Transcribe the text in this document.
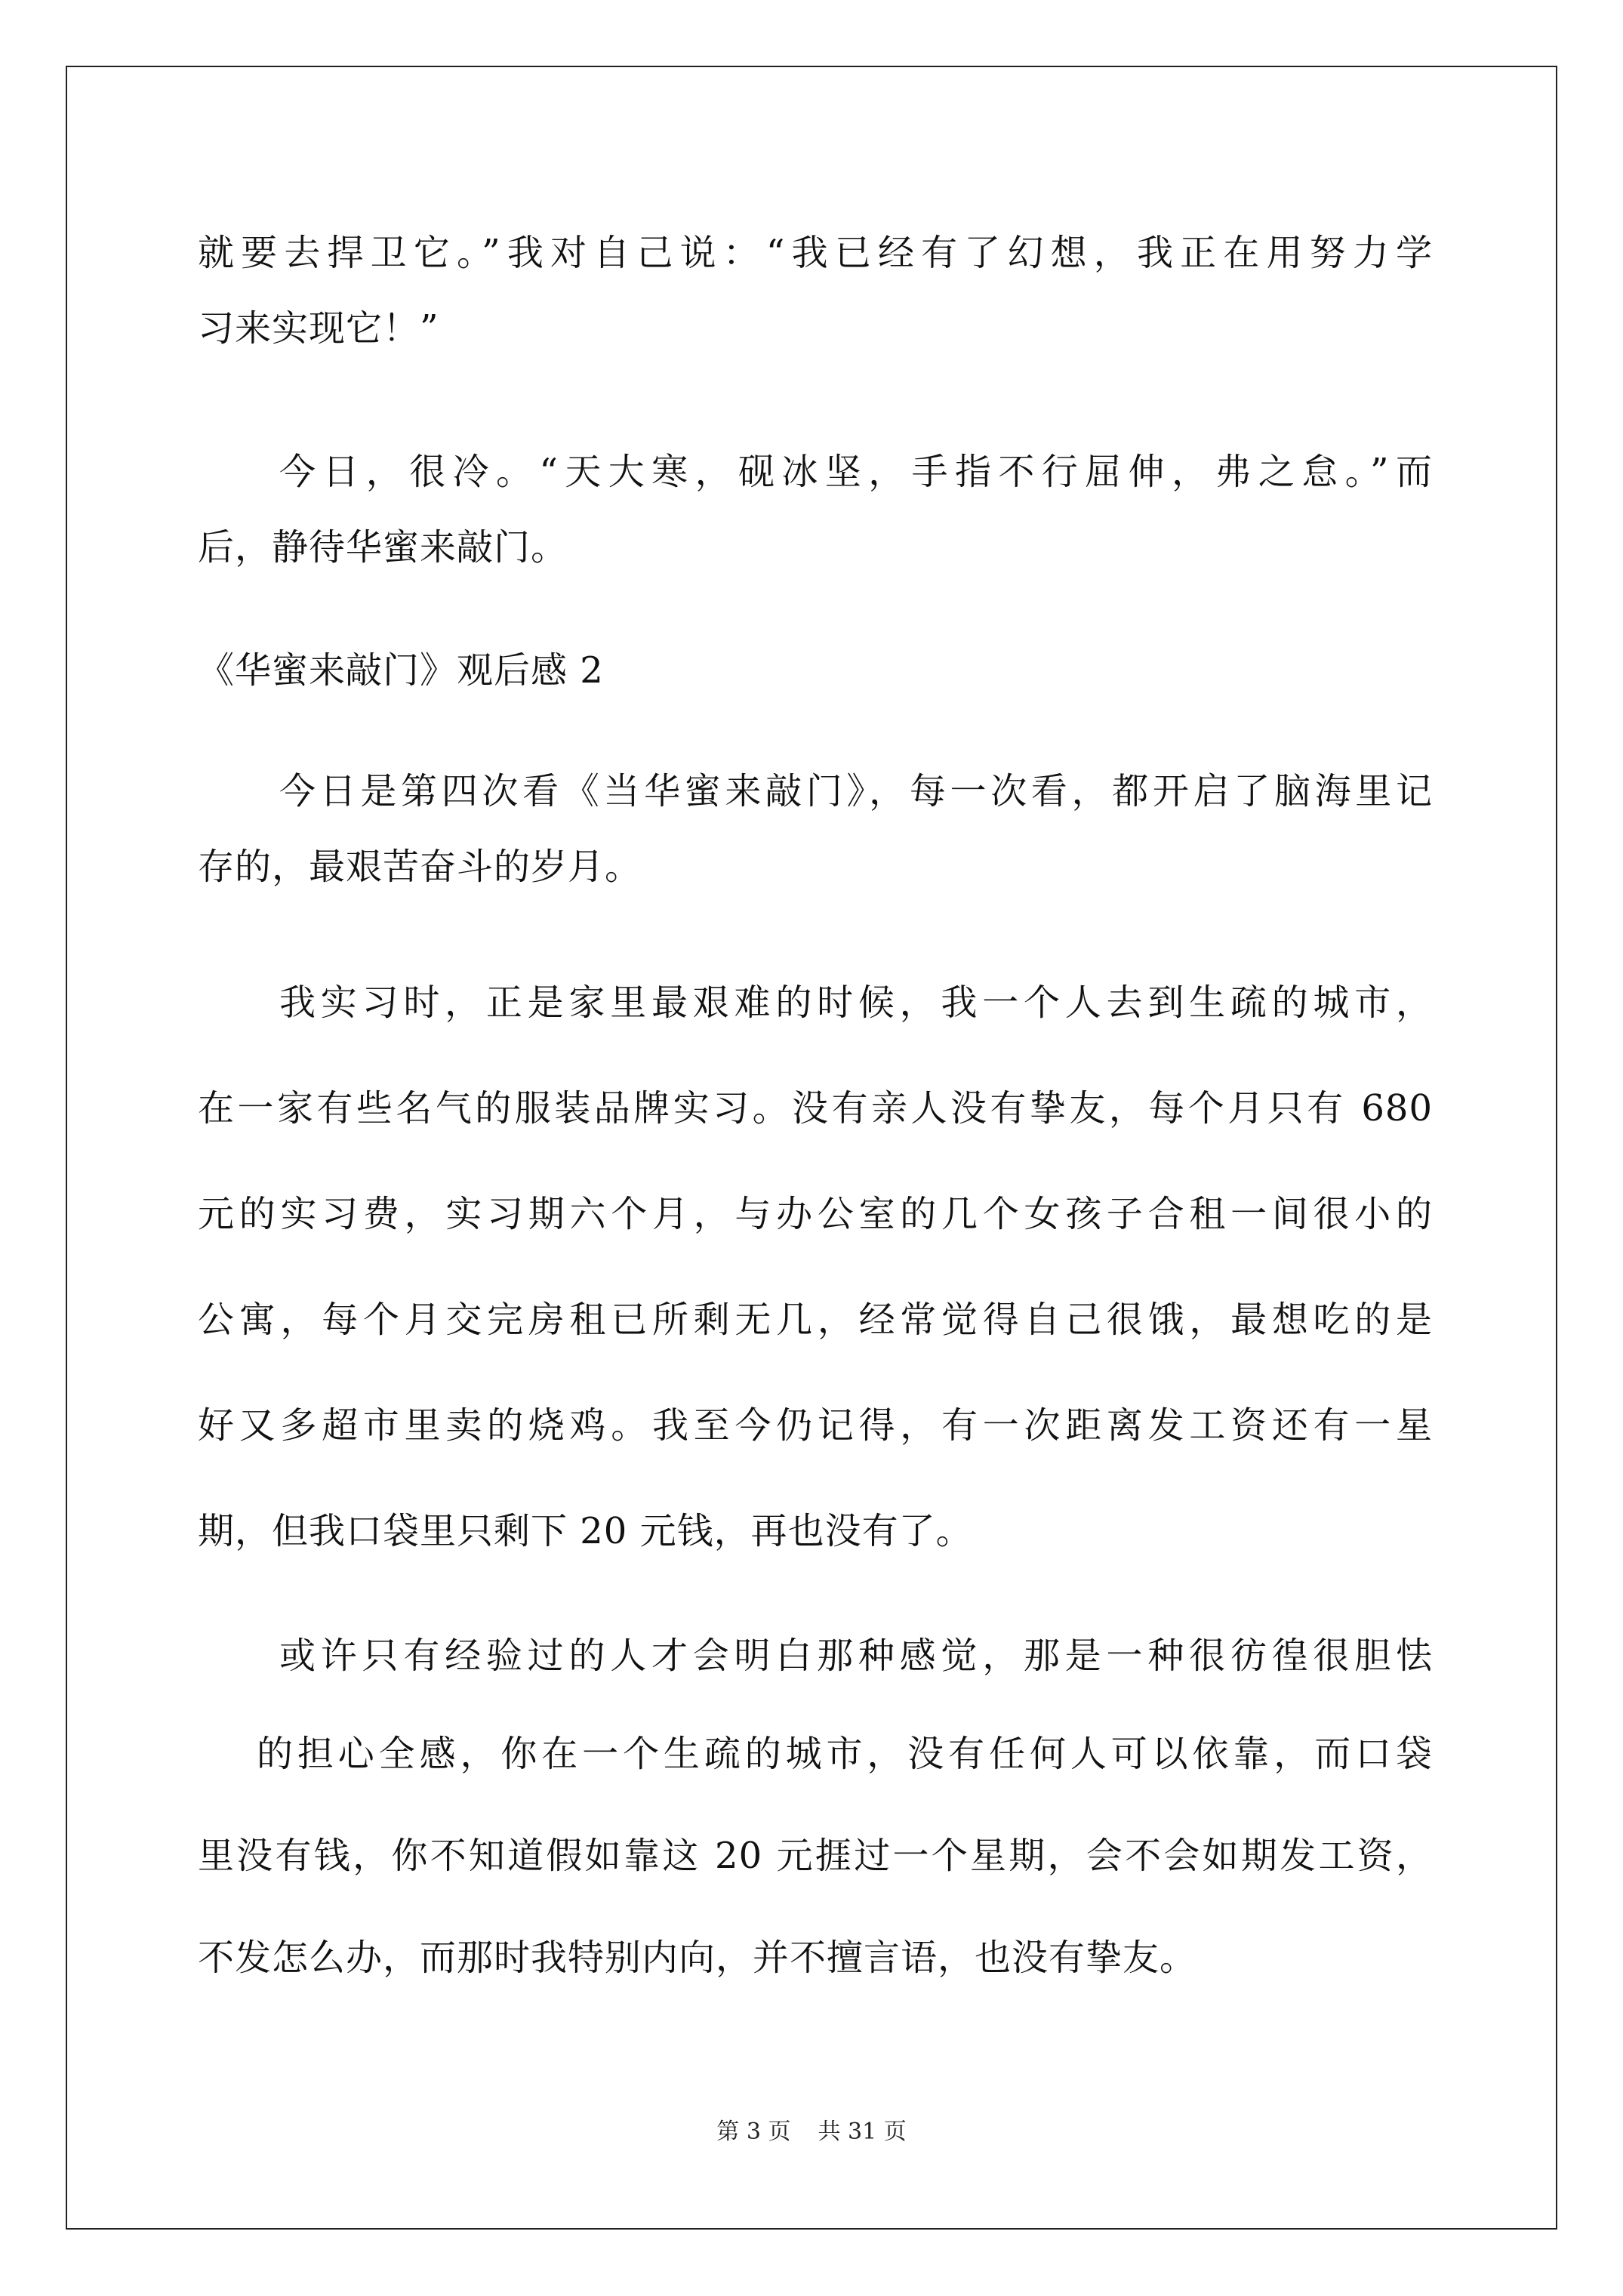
就要去捍卫它。”我对自己说：“我已经有了幻想，我正在用努力学
习来实现它！”
今日，很冷。“天大寒，砚冰坚，手指不行屈伸，弗之怠。”而
后，静待华蜜来敲门。
《华蜜来敲门》观后感 2
今日是第四次看《当华蜜来敲门》，每一次看，都开启了脑海里记
存的，最艰苦奋斗的岁月。
我实习时，正是家里最艰难的时候，我一个人去到生疏的城市，
在一家有些名气的服装品牌实习。没有亲人没有挚友，每个月只有 680
元的实习费，实习期六个月，与办公室的几个女孩子合租一间很小的
公寓，每个月交完房租已所剩无几，经常觉得自己很饿，最想吃的是
好又多超市里卖的烧鸡。我至今仍记得，有一次距离发工资还有一星
期，但我口袋里只剩下 20 元钱，再也没有了。
或许只有经验过的人才会明白那种感觉，那是一种很彷徨很胆怯
的担心全感，你在一个生疏的城市，没有任何人可以依靠，而口袋
里没有钱，你不知道假如靠这 20 元捱过一个星期，会不会如期发工资，
不发怎么办，而那时我特别内向，并不擅言语，也没有挚友。
第 3 页 共 31 页
